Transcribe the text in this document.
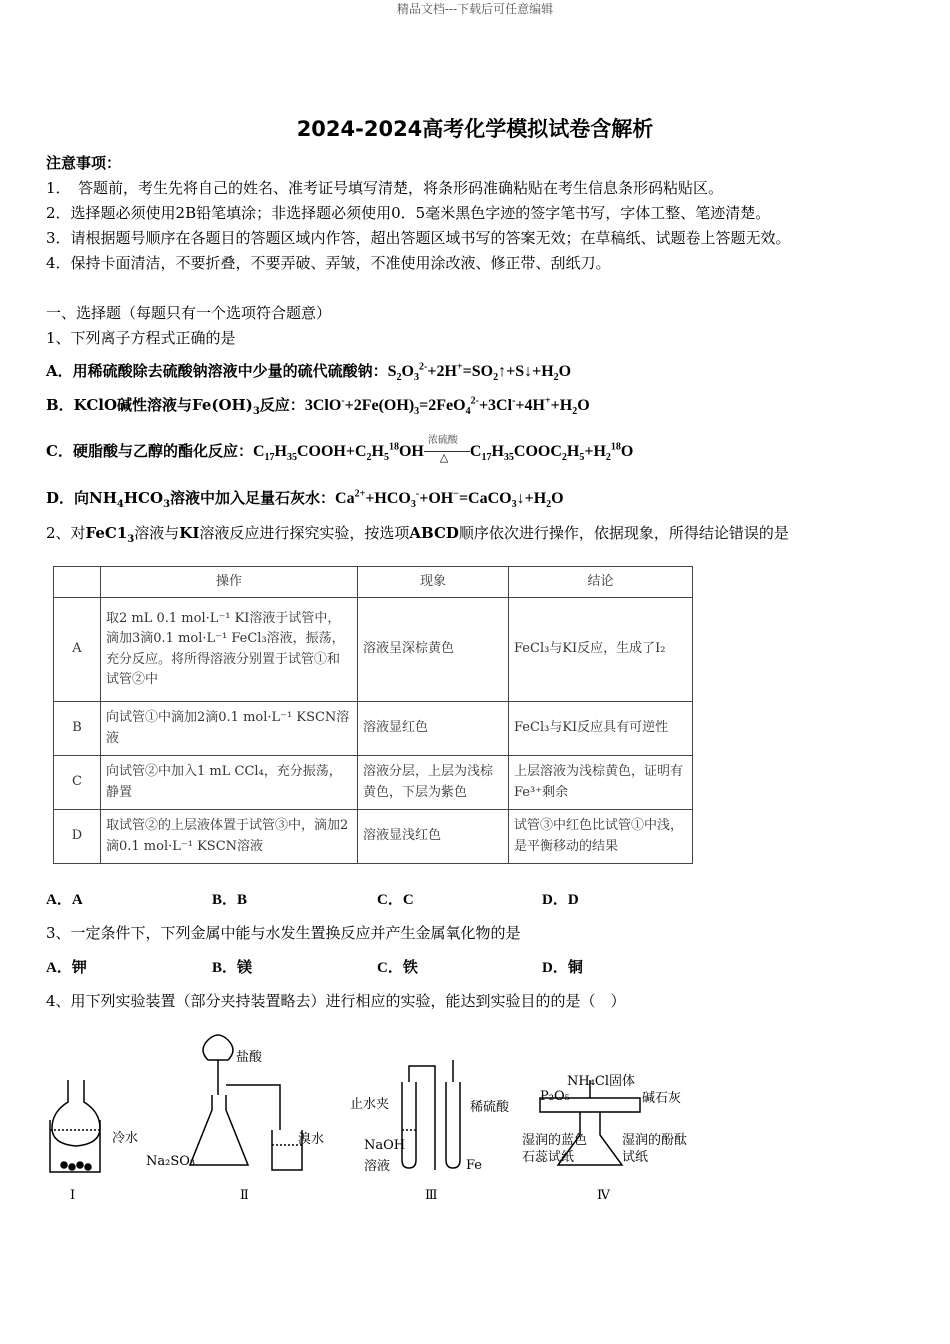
精品文档---下载后可任意编辑
2024-2024高考化学模拟试卷含解析
注意事项：
1．　答题前，考生先将自己的姓名、准考证号填写清楚，将条形码准确粘贴在考生信息条形码粘贴区。
2．选择题必须使用2B铅笔填涂；非选择题必须使用0．5毫米黑色字迹的签字笔书写，字体工整、笔迹清楚。
3．请根据题号顺序在各题目的答题区域内作答，超出答题区域书写的答案无效；在草稿纸、试题卷上答题无效。
4．保持卡面清洁，不要折叠，不要弄破、弄皱，不准使用涂改液、修正带、刮纸刀。
一、选择题（每题只有一个选项符合题意）
1、下列离子方程式正确的是
A．用稀硫酸除去硫酸钠溶液中少量的硫代硫酸钠：$S_2O_3^{2-}+2H^+=SO_2↑+S↓+H_2O$
B．KClO碱性溶液与$Fe(OH)_3$反应：$3ClO^-+2Fe(OH)_3=2FeO_4^{2-}+3Cl^-+4H^++H_2O$
C．硬脂酸与乙醇的酯化反应：$C_{17}H_{35}COOH+C_2H_5^{18}OH$
浓硫酸
△ $C_{17}H_{35}COOC_2H_5+H_2^{18}O$
D．向$NH_4HCO_3$溶液中加入足量石灰水：$Ca^{2+}+HCO_3^-+OH^-=CaCO_3↓+H_2O$
2、对$FeC1_3$溶液与KI溶液反应进行探究实验，按选项ABCD顺序依次进行操作，依据现象，所得结论错误的是
	操作	现象	结论
A	取2 mL 0.1 mol·L⁻¹ KI溶液于试管中，滴加3滴0.1 mol·L⁻¹ FeCl₃溶液，振荡，充分反应。将所得溶液分别置于试管①和试管②中	溶液呈深棕黄色	FeCl₃与KI反应，生成了I₂
B	向试管①中滴加2滴0.1 mol·L⁻¹ KSCN溶液	溶液显红色	FeCl₃与KI反应具有可逆性
C	向试管②中加入1 mL CCl₄，充分振荡，静置	溶液分层，上层为浅棕黄色，下层为紫色	上层溶液为浅棕黄色，证明有Fe³⁺剩余
D	取试管②的上层液体置于试管③中，滴加2滴0.1 mol·L⁻¹ KSCN溶液	溶液显浅红色	试管③中红色比试管①中浅，是平衡移动的结果
A．A	B．B	C．C	D．D
3、一定条件下，下列金属中能与水发生置换反应并产生金属氧化物的是
A．钾	B．镁	C．铁	D．铜
4、用下列实验装置（部分夹持装置略去）进行相应的实验，能达到实验目的的是（　）
冷水
Ⅰ
盐酸
Na₂SO₃
溴水
Ⅱ
止水夹	稀硫酸
NaOH
溶液	Fe
Ⅲ
NH₄Cl固体
P₂O₅	碱石灰
湿润的蓝色
石蕊试纸
湿润的酚酞
试纸
Ⅳ
